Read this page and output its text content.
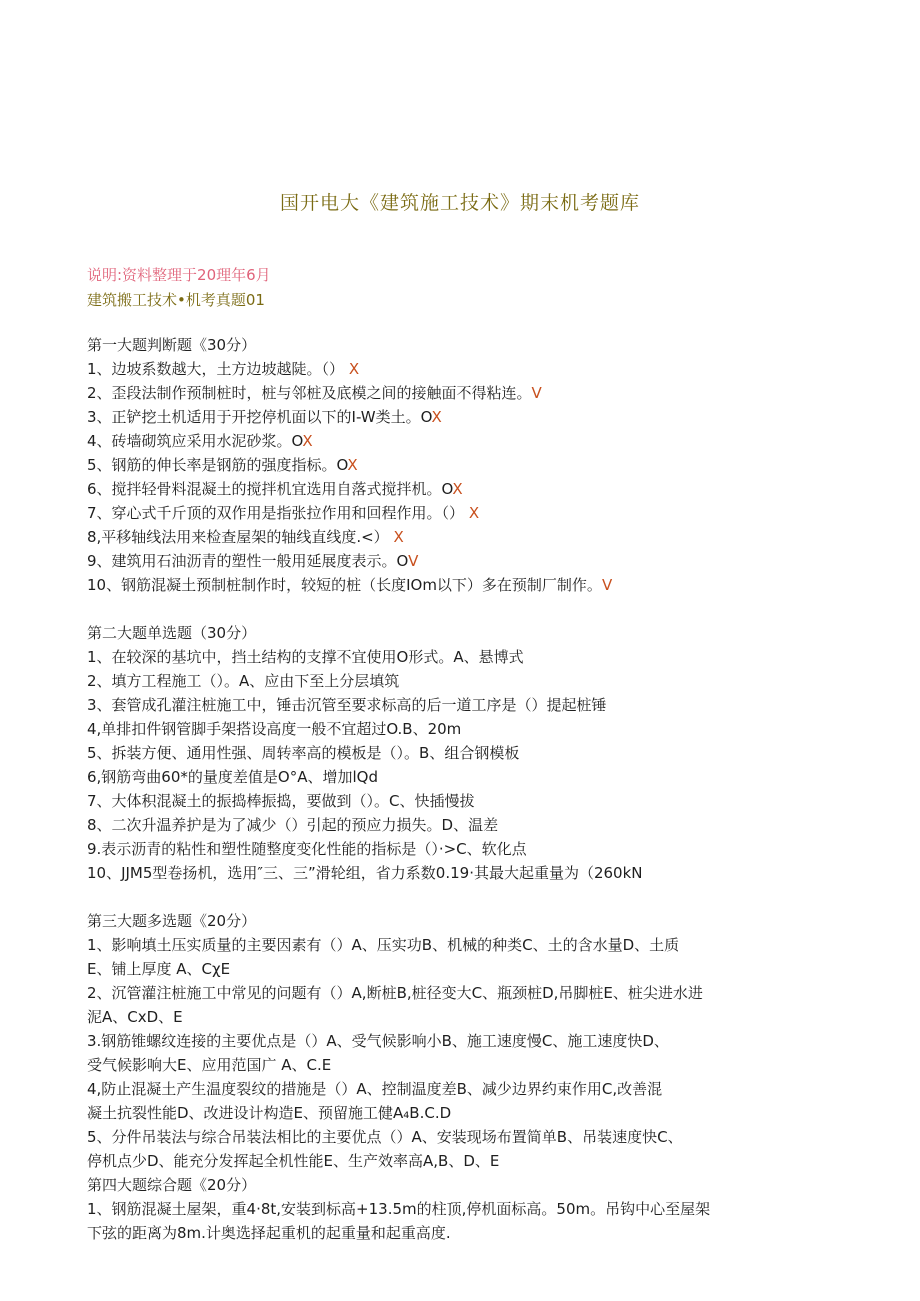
国开电大《建筑施工技术》期末机考题库
说明:资料整理于20理年6月
建筑搬工技术•机考真题01
第一大题判断题《30分）
1、边坡系数越大，土方边坡越陡。（） X
2、歪段法制作预制桩时，桩与邻桩及底模之间的接触面不得粘连。V
3、正铲挖土机适用于开挖停机面以下的I-W类土。OX
4、砖墙砌筑应采用水泥砂浆。OX
5、钢筋的伸长率是钢筋的强度指标。OX
6、搅拌轻骨料混凝土的搅拌机宜选用自落式搅拌机。OX
7、穿心式千斤顶的双作用是指张拉作用和回程作用。（） X
8,平移轴线法用来检查屋架的轴线直线度.<） X
9、建筑用石油沥青的塑性一般用延展度表示。OV
10、钢筋混凝土预制桩制作时，较短的桩（长度IOm以下）多在预制厂制作。V
第二大题单选题（30分）
1、在较深的基坑中，挡土结构的支撑不宜使用O形式。A、悬博式
2、填方工程施工（）。A、应由下至上分层填筑
3、套管成孔灌注桩施工中，锤击沉管至要求标高的后一道工序是（）提起桩锤
4,单排扣件钢管脚手架搭设高度一般不宜超过O.B、20m
5、拆装方便、通用性强、周转率高的模板是（）。B、组合钢模板
6,钢筋弯曲60*的量度差值是O°A、增加lQd
7、大体积混凝土的振捣棒振捣，要做到（）。C、快插慢拔
8、二次升温养护是为了减少（）引起的预应力损失。D、温差
9.表示沥青的粘性和塑性随整度变化性能的指标是（）·>C、软化点
10、JJM5型卷扬机，选用″三、三”滑轮组，省力系数0.19·其最大起重量为（260kN
第三大题多选题《20分）
1、影响填土压实质量的主要因素有（）A、压实功B、机械的种类C、土的含水量D、土质
E、铺上厚度 A、CχE
2、沉管灌注桩施工中常见的问题有（）A,断桩B,桩径变大C、瓶颈桩D,吊脚桩E、桩尖进水进
泥A、CxD、E
3.钢筋锥螺纹连接的主要优点是（）A、受气候影响小B、施工速度慢C、施工速度快D、
受气候影响大E、应用范国广 A、C.E
4,防止混凝土产生温度裂纹的措施是（）A、控制温度差B、减少边界约束作用C,改善混
凝土抗裂性能D、改进设计构造E、预留施工健A₄B.C.D
5、分件吊装法与综合吊装法相比的主要优点（）A、安装现场布置简单B、吊装速度快C、
停机点少D、能充分发挥起全机性能E、生产效率高A,B、D、E
第四大题综合题《20分）
1、钢筋混凝土屋架，重4·8t,安装到标高+13.5m的柱顶,停机面标高。50m。吊钩中心至屋架
下弦的距离为8m.计奥选择起重机的起重量和起重高度.
